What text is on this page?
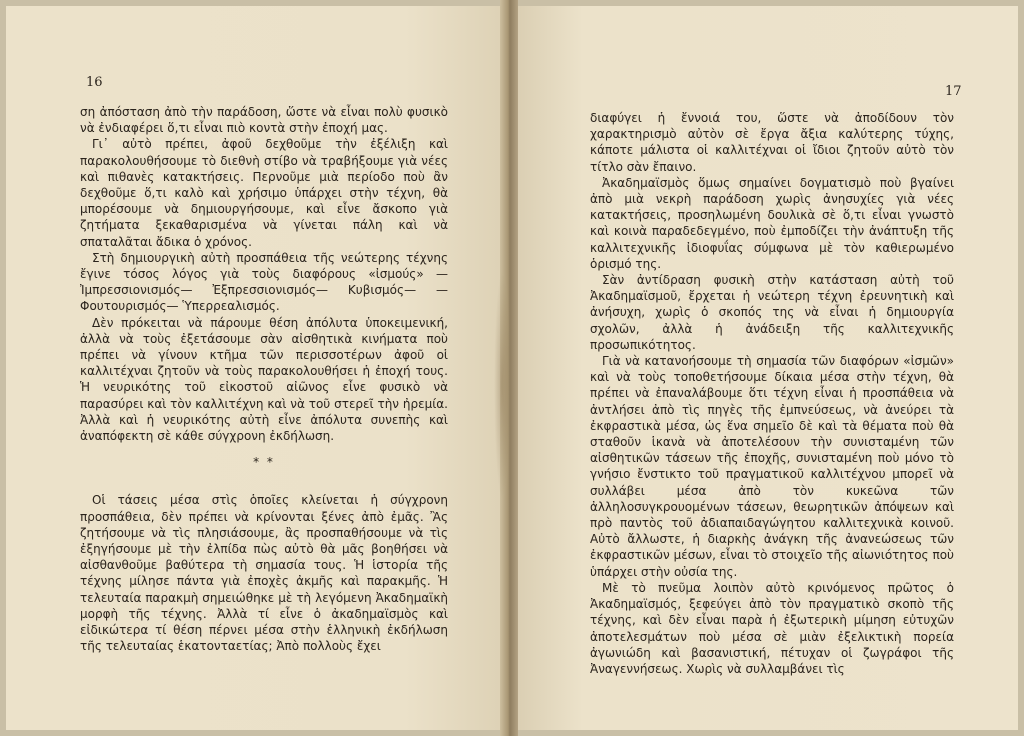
16

ση ἀπόσταση ἀπὸ τὴν παράδοση, ὥστε νὰ εἶναι πολὺ φυσικὸ νὰ ἐνδιαφέρει ὅ,τι εἶναι πιὸ κοντὰ στὴν ἐποχή μας.

Γι᾿ αὐτὸ πρέπει, ἀφοῦ δεχθοῦμε τὴν ἐξέλιξη καὶ παρακολουθήσουμε τὸ διεθνὴ στίβο νὰ τραβήξουμε γιὰ νέες καὶ πιθανὲς κατακτήσεις. Περνοῦμε μιὰ περίοδο ποὺ ἂν δεχθοῦμε ὅ,τι καλὸ καὶ χρήσιμο ὑπάρχει στὴν τέχνη, θὰ μπορέσουμε νὰ δημιουργήσουμε, καὶ εἶνε ἄσκοπο γιὰ ζητήματα ξεκαθαρισμένα νὰ γίνεται πάλη καὶ νὰ σπαταλᾶται ἄδικα ὁ χρόνος.

Στὴ δημιουργικὴ αὐτὴ προσπάθεια τῆς νεώτερης τέχνης ἔγινε τόσος λόγος γιὰ τοὺς διαφόρους «ἰσμούς» — Ἰμπρεσσιονισμός— Ἐξπρεσσιονισμός— Κυβισμός— — Φουτουρισμός— Ὑπερρεαλισμός.

Δὲν πρόκειται νὰ πάρουμε θέση ἀπόλυτα ὑποκειμενική, ἀλλὰ νὰ τοὺς ἐξετάσουμε σὰν αἰσθητικὰ κινήματα ποὺ πρέπει νὰ γίνουν κτῆμα τῶν περισσοτέρων ἀφοῦ οἱ καλλιτέχναι ζητοῦν νὰ τοὺς παρακολουθήσει ἡ ἐποχή τους. Ἡ νευρικότης τοῦ εἰκοστοῦ αἰῶνος εἶνε φυσικὸ νὰ παρασύρει καὶ τὸν καλλιτέχνη καὶ νὰ τοῦ στερεῖ τὴν ἠρεμία. Ἀλλὰ καὶ ἡ νευρικότης αὐτὴ εἶνε ἀπόλυτα συνεπὴς καὶ ἀναπόφεκτη σὲ κάθε σύγχρονη ἐκδήλωση.

* *

Οἱ τάσεις μέσα στὶς ὁποῖες κλείνεται ἡ σύγχρονη προσπάθεια, δὲν πρέπει νὰ κρίνονται ξένες ἀπὸ ἐμᾶς. Ἂς ζητήσουμε νὰ τὶς πλησιάσουμε, ἂς προσπαθήσουμε νὰ τὶς ἐξηγήσουμε μὲ τὴν ἐλπίδα πὼς αὐτὸ θὰ μᾶς βοηθήσει νὰ αἰσθανθοῦμε βαθύτερα τὴ σημασία τους. Ἡ ἱστορία τῆς τέχνης μίλησε πάντα γιὰ ἐποχὲς ἀκμῆς καὶ παρακμῆς. Ἡ τελευταία παρακμὴ σημειώθηκε μὲ τὴ λεγόμενη Ἀκαδημαϊκὴ μορφὴ τῆς τέχνης. Ἀλλὰ τί εἶνε ὁ ἀκαδημαϊσμὸς καὶ εἰδικώτερα τί θέση πέρνει μέσα στὴν ἑλληνικὴ ἐκδήλωση τῆς τελευταίας ἑκατονταετίας; Ἀπὸ πολλοὺς ἔχει

17

διαφύγει ἡ ἔννοιά του, ὥστε νὰ ἀποδίδουν τὸν χαρακτηρισμὸ αὐτὸν σὲ ἔργα ἄξια καλύτερης τύχης, κάποτε μάλιστα οἱ καλλιτέχναι οἱ ἴδιοι ζητοῦν αὐτὸ τὸν τίτλο σὰν ἔπαινο.

Ἀκαδημαϊσμὸς ὅμως σημαίνει δογματισμὸ ποὺ βγαίνει ἀπὸ μιὰ νεκρὴ παράδοση χωρὶς ἀνησυχίες γιὰ νέες κατακτήσεις, προσηλωμένη δουλικὰ σὲ ὅ,τι εἶναι γνωστὸ καὶ κοινὰ παραδεδεγμένο, ποὺ ἐμποδίζει τὴν ἀνάπτυξη τῆς καλλιτεχνικῆς ἰδιοφυΐας σύμφωνα μὲ τὸν καθιερωμένο ὁρισμό της.

Σὰν ἀντίδραση φυσικὴ στὴν κατάσταση αὐτὴ τοῦ Ἀκαδημαϊσμοῦ, ἔρχεται ἡ νεώτερη τέχνη ἐρευνητικὴ καὶ ἀνήσυχη, χωρὶς ὁ σκοπός της νὰ εἶναι ἡ δημιουργία σχολῶν, ἀλλὰ ἡ ἀνάδειξη τῆς καλλιτεχνικῆς προσωπικότητος.

Γιὰ νὰ κατανοήσουμε τὴ σημασία τῶν διαφόρων «ἰσμῶν» καὶ νὰ τοὺς τοποθετήσουμε δίκαια μέσα στὴν τέχνη, θὰ πρέπει νὰ ἐπαναλάβουμε ὅτι τέχνη εἶναι ἡ προσπάθεια νὰ ἀντλήσει ἀπὸ τὶς πηγὲς τῆς ἐμπνεύσεως, νὰ ἀνεύρει τὰ ἐκφραστικὰ μέσα, ὡς ἕνα σημεῖο δὲ καὶ τὰ θέματα ποὺ θὰ σταθοῦν ἱκανὰ νὰ ἀποτελέσουν τὴν συνισταμένη τῶν αἰσθητικῶν τάσεων τῆς ἐποχῆς, συνισταμένη ποὺ μόνο τὸ γνήσιο ἔνστικτο τοῦ πραγματικοῦ καλλιτέχνου μπορεῖ νὰ συλλάβει μέσα ἀπὸ τὸν κυκεῶνα τῶν ἀλληλοσυγκρουομένων τάσεων, θεωρητικῶν ἀπόψεων καὶ πρὸ παντὸς τοῦ ἀδιαπαιδαγώγητου καλλιτεχνικὰ κοινοῦ. Αὐτὸ ἄλλωστε, ἡ διαρκὴς ἀνάγκη τῆς ἀνανεώσεως τῶν ἐκφραστικῶν μέσων, εἶναι τὸ στοιχεῖο τῆς αἰωνιότητος ποὺ ὑπάρχει στὴν οὐσία της.

Μὲ τὸ πνεῦμα λοιπὸν αὐτὸ κρινόμενος πρῶτος ὁ Ἀκαδημαϊσμός, ξεφεύγει ἀπὸ τὸν πραγματικὸ σκοπὸ τῆς τέχνης, καὶ δὲν εἶναι παρὰ ἡ ἐξωτερικὴ μίμηση εὐτυχῶν ἀποτελεσμάτων ποὺ μέσα σὲ μιὰν ἐξελικτικὴ πορεία ἀγωνιώδη καὶ βασανιστική, πέτυχαν οἱ ζωγράφοι τῆς Ἀναγεννήσεως. Χωρὶς νὰ συλλαμβάνει τὶς
